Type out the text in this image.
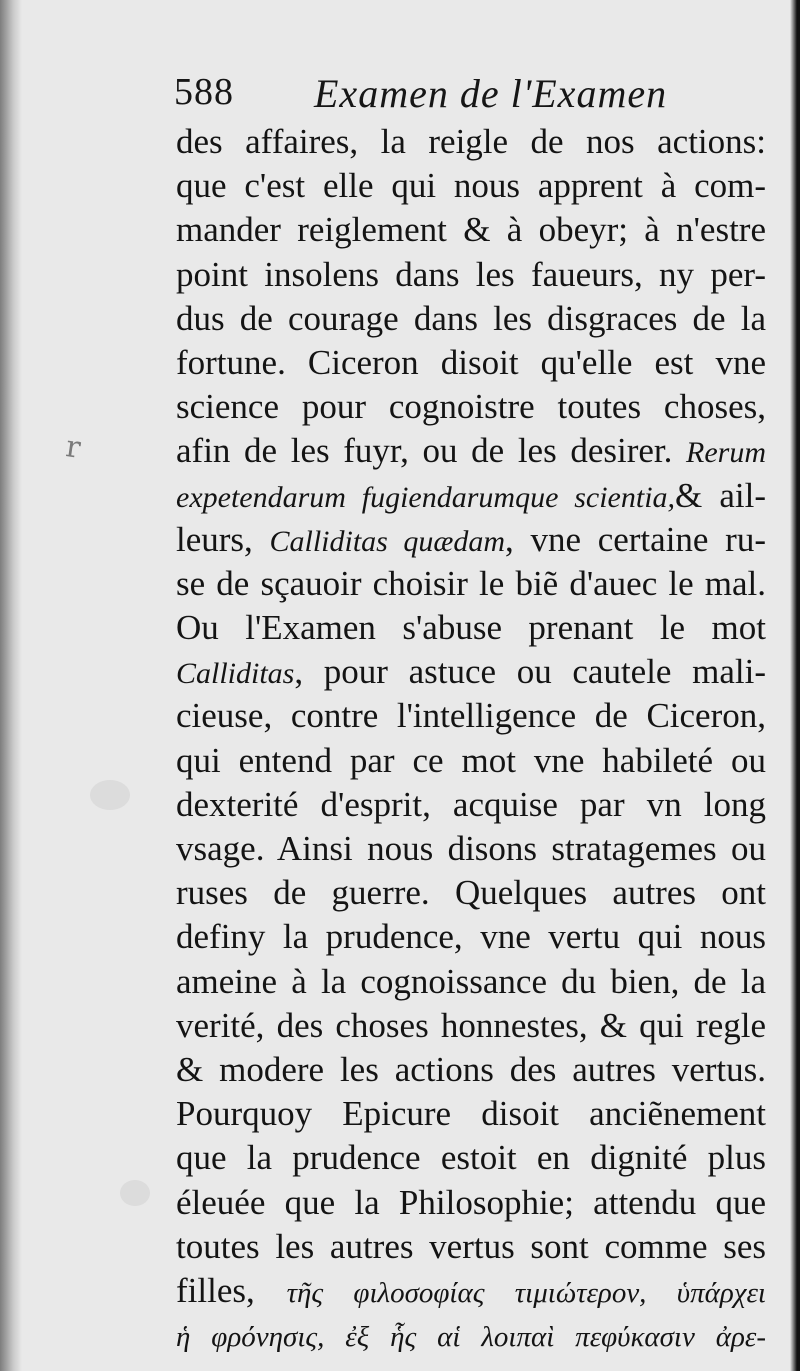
r
588 Examen de l'Examen
des affaires, la reigle de nos actions:
que c'est elle qui nous apprent à com-
mander reiglement & à obeyr; à n'estre
point insolens dans les faueurs, ny per-
dus de courage dans les disgraces de la
fortune. Ciceron disoit qu'elle est vne
science pour cognoistre toutes choses,
afin de les fuyr, ou de les desirer. Rerum
expetendarum fugiendarumque scientia,& ail-
leurs, Calliditas quædam, vne certaine ru-
se de sçauoir choisir le biẽ d'auec le mal.
Ou l'Examen s'abuse prenant le mot
Calliditas, pour astuce ou cautele mali-
cieuse, contre l'intelligence de Ciceron,
qui entend par ce mot vne habileté ou
dexterité d'esprit, acquise par vn long
vsage. Ainsi nous disons stratagemes ou
ruses de guerre. Quelques autres ont
definy la prudence, vne vertu qui nous
ameine à la cognoissance du bien, de la
verité, des choses honnestes, & qui regle
& modere les actions des autres vertus.
Pourquoy Epicure disoit anciẽnement
que la prudence estoit en dignité plus
éleuée que la Philosophie; attendu que
toutes les autres vertus sont comme ses
filles, τῆς φιλοσοφίας τιμιώτερον, ὑπάρχει
ἡ φρόνησις, ἐξ ἧς αἱ λοιπαὶ πεφύκασιν ἀρε-
